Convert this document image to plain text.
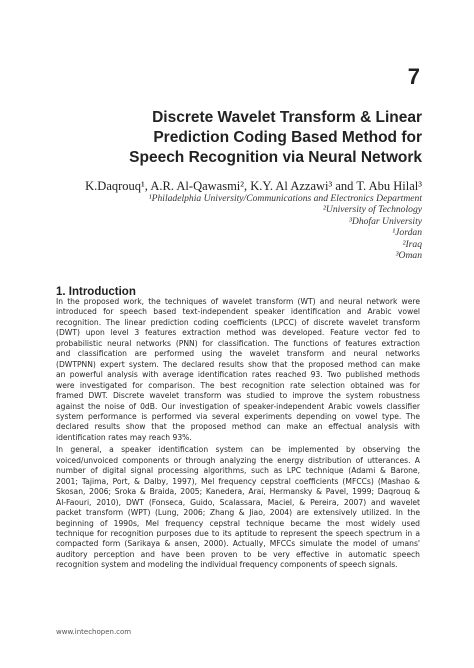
7
Discrete Wavelet Transform & Linear
Prediction Coding Based Method for
Speech Recognition via Neural Network
K.Daqrouq¹, A.R. Al-Qawasmi², K.Y. Al Azzawi³ and T. Abu Hilal³
¹Philadelphia University/Communications and Electronics Department
²University of Technology
³Dhofar University
¹Jordan
²Iraq
³Oman
1. Introduction

In the proposed work, the techniques of wavelet transform (WT) and neural network were
introduced for speech based text-independent speaker identification and Arabic vowel
recognition. The linear prediction coding coefficients (LPCC) of discrete wavelet transform
(DWT) upon level 3 features extraction method was developed. Feature vector fed to
probabilistic neural networks (PNN) for classification. The functions of features extraction
and classification are performed using the wavelet transform and neural networks
(DWTPNN) expert system. The declared results show that the proposed method can make
an powerful analysis with average identification rates reached 93. Two published methods
were investigated for comparison. The best recognition rate selection obtained was for
framed DWT. Discrete wavelet transform was studied to improve the system robustness
against the noise of 0dB. Our investigation of speaker-independent Arabic vowels classifier
system performance is performed via several experiments depending on vowel type. The
declared results show that the proposed method can make an effectual analysis with
identification rates may reach 93%.

In general, a speaker identification system can be implemented by observing the
voiced/unvoiced components or through analyzing the energy distribution of utterances. A
number of digital signal processing algorithms, such as LPC technique (Adami & Barone,
2001; Tajima, Port, & Dalby, 1997), Mel frequency cepstral coefficients (MFCCs) (Mashao &
Skosan, 2006; Sroka & Braida, 2005; Kanedera, Arai, Hermansky & Pavel, 1999; Daqrouq &
Al-Faouri, 2010), DWT (Fonseca, Guido, Scalassara, Maciel, & Pereira, 2007) and wavelet
packet transform (WPT) (Lung, 2006; Zhang & Jiao, 2004) are extensively utilized. In the
beginning of 1990s, Mel frequency cepstral technique became the most widely used
technique for recognition purposes due to its aptitude to represent the speech spectrum in a
compacted form (Sarikaya & ansen, 2000). Actually, MFCCs simulate the model of umans'
auditory perception and have been proven to be very effective in automatic speech
recognition system and modeling the individual frequency components of speech signals.

www.intechopen.com
